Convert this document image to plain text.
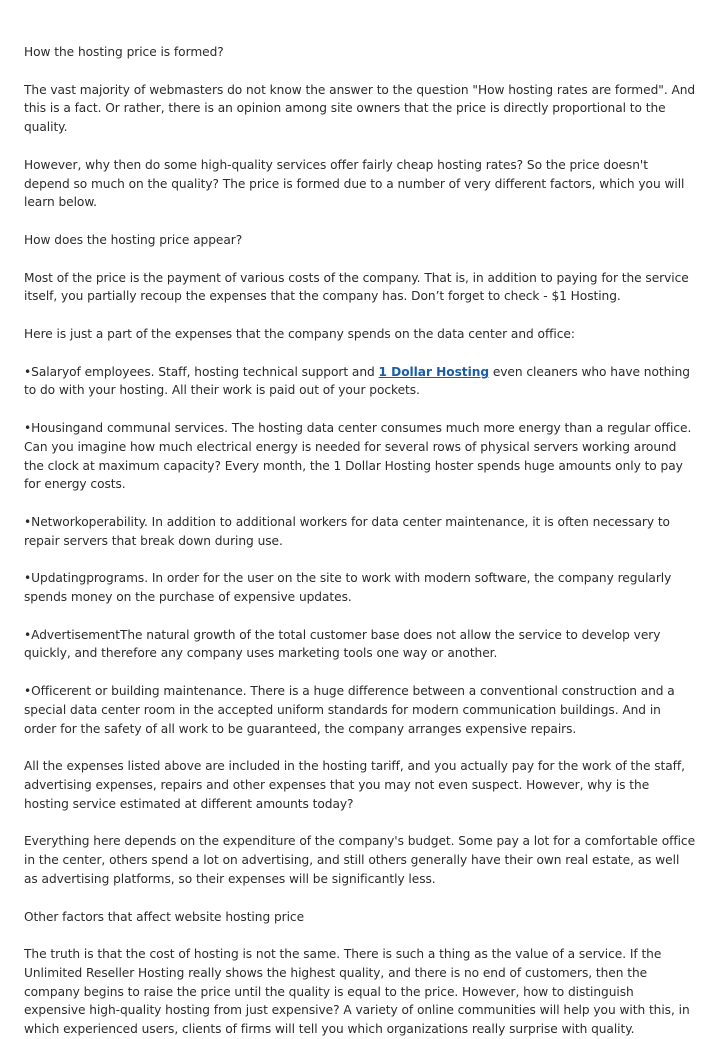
How the hosting price is formed?

The vast majority of webmasters do not know the answer to the question "How hosting rates are formed". And this is a fact. Or rather, there is an opinion among site owners that the price is directly proportional to the quality.

However, why then do some high-quality services offer fairly cheap hosting rates? So the price doesn't depend so much on the quality? The price is formed due to a number of very different factors, which you will learn below.

How does the hosting price appear?

Most of the price is the payment of various costs of the company. That is, in addition to paying for the service itself, you partially recoup the expenses that the company has. Don’t forget to check - $1 Hosting.

Here is just a part of the expenses that the company spends on the data center and office:

•Salaryof employees. Staff, hosting technical support and 1 Dollar Hosting even cleaners who have nothing to do with your hosting. All their work is paid out of your pockets.

•Housingand communal services. The hosting data center consumes much more energy than a regular office. Can you imagine how much electrical energy is needed for several rows of physical servers working around the clock at maximum capacity? Every month, the 1 Dollar Hosting hoster spends huge amounts only to pay for energy costs.

•Networkoperability. In addition to additional workers for data center maintenance, it is often necessary to repair servers that break down during use.

•Updatingprograms. In order for the user on the site to work with modern software, the company regularly spends money on the purchase of expensive updates.

•AdvertisementThe natural growth of the total customer base does not allow the service to develop very quickly, and therefore any company uses marketing tools one way or another.

•Officerent or building maintenance. There is a huge difference between a conventional construction and a special data center room in the accepted uniform standards for modern communication buildings. And in order for the safety of all work to be guaranteed, the company arranges expensive repairs.

All the expenses listed above are included in the hosting tariff, and you actually pay for the work of the staff, advertising expenses, repairs and other expenses that you may not even suspect. However, why is the hosting service estimated at different amounts today?

Everything here depends on the expenditure of the company's budget. Some pay a lot for a comfortable office in the center, others spend a lot on advertising, and still others generally have their own real estate, as well as advertising platforms, so their expenses will be significantly less.

Other factors that affect website hosting price

The truth is that the cost of hosting is not the same. There is such a thing as the value of a service. If the Unlimited Reseller Hosting really shows the highest quality, and there is no end of customers, then the company begins to raise the price until the quality is equal to the price. However, how to distinguish expensive high-quality hosting from just expensive? A variety of online communities will help you with this, in which experienced users, clients of firms will tell you which organizations really surprise with quality.
